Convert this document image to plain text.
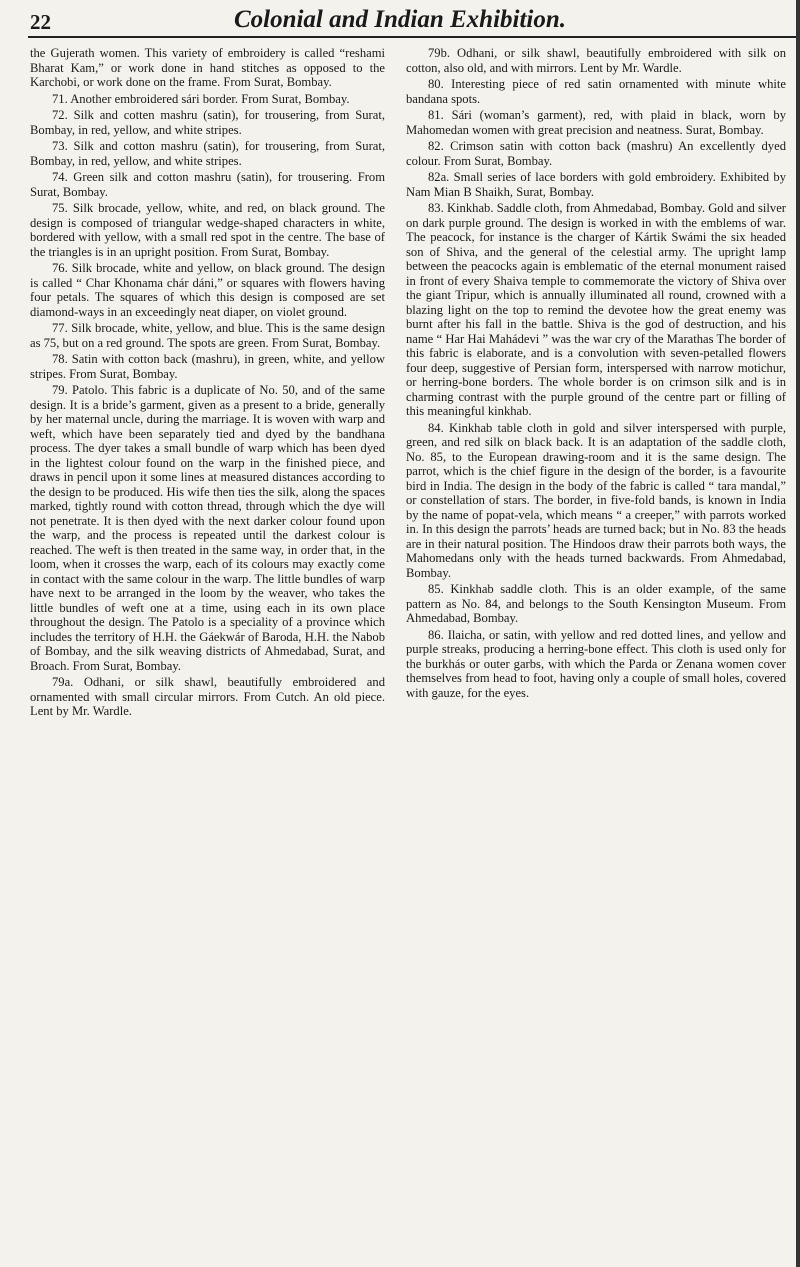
22	Colonial and Indian Exhibition.

the Gujerath women. This variety of embroidery is called “reshami Bharat Kam,” or work done in hand stitches as opposed to the Karchobi, or work done on the frame. From Surat, Bombay.

71. Another embroidered sári border. From Surat, Bombay.

72. Silk and cotten mashru (satin), for trousering, from Surat, Bombay, in red, yellow, and white stripes.

73. Silk and cotton mashru (satin), for trousering, from Surat, Bombay, in red, yellow, and white stripes.

74. Green silk and cotton mashru (satin), for trousering. From Surat, Bombay.

75. Silk brocade, yellow, white, and red, on black ground. The design is composed of triangular wedge-shaped characters in white, bordered with yellow, with a small red spot in the centre. The base of the triangles is in an upright position. From Surat, Bombay.

76. Silk brocade, white and yellow, on black ground. The design is called “ Char Khonama chár dáni,” or squares with flowers having four petals. The squares of which this design is composed are set diamond-ways in an exceedingly neat diaper, on violet ground.

77. Silk brocade, white, yellow, and blue. This is the same design as 75, but on a red ground. The spots are green. From Surat, Bombay.

78. Satin with cotton back (mashru), in green, white, and yellow stripes. From Surat, Bombay.

79. Patolo. This fabric is a duplicate of No. 50, and of the same design. It is a bride’s garment, given as a present to a bride, generally by her maternal uncle, during the marriage. It is woven with warp and weft, which have been separately tied and dyed by the bandhana process. The dyer takes a small bundle of warp which has been dyed in the lightest colour found on the warp in the finished piece, and draws in pencil upon it some lines at measured distances according to the design to be produced. His wife then ties the silk, along the spaces marked, tightly round with cotton thread, through which the dye will not penetrate. It is then dyed with the next darker colour found upon the warp, and the process is repeated until the darkest colour is reached. The weft is then treated in the same way, in order that, in the loom, when it crosses the warp, each of its colours may exactly come in contact with the same colour in the warp. The little bundles of warp have next to be arranged in the loom by the weaver, who takes the little bundles of weft one at a time, using each in its own place throughout the design. The Patolo is a speciality of a province which includes the territory of H.H. the Gáekwár of Baroda, H.H. the Nabob of Bombay, and the silk weaving districts of Ahmedabad, Surat, and Broach. From Surat, Bombay.

79a. Odhani, or silk shawl, beautifully embroidered and ornamented with small circular mirrors. From Cutch. An old piece. Lent by Mr. Wardle.

79b. Odhani, or silk shawl, beautifully embroidered with silk on cotton, also old, and with mirrors. Lent by Mr. Wardle.

80. Interesting piece of red satin ornamented with minute white bandana spots.

81. Sári (woman’s garment), red, with plaid in black, worn by Mahomedan women with great precision and neatness. Surat, Bombay.

82. Crimson satin with cotton back (mashru) An excellently dyed colour. From Surat, Bombay.

82a. Small series of lace borders with gold embroidery. Exhibited by Nam Mian B Shaikh, Surat, Bombay.

83. Kinkhab. Saddle cloth, from Ahmedabad, Bombay. Gold and silver on dark purple ground. The design is worked in with the emblems of war. The peacock, for instance is the charger of Kártik Swámi the six headed son of Shiva, and the general of the celestial army. The upright lamp between the peacocks again is emblematic of the eternal monument raised in front of every Shaiva temple to commemorate the victory of Shiva over the giant Tripur, which is annually illuminated all round, crowned with a blazing light on the top to remind the devotee how the great enemy was burnt after his fall in the battle. Shiva is the god of destruction, and his name “ Har Hai Mahádevi ” was the war cry of the Marathas The border of this fabric is elaborate, and is a convolution with seven-petalled flowers four deep, suggestive of Persian form, interspersed with narrow motichur, or herring-bone borders. The whole border is on crimson silk and is in charming contrast with the purple ground of the centre part or filling of this meaningful kinkhab.

84. Kinkhab table cloth in gold and silver interspersed with purple, green, and red silk on black back. It is an adaptation of the saddle cloth, No. 85, to the European drawing-room and it is the same design. The parrot, which is the chief figure in the design of the border, is a favourite bird in India. The design in the body of the fabric is called “ tara mandal,” or constellation of stars. The border, in five-fold bands, is known in India by the name of popat-vela, which means “ a creeper,” with parrots worked in. In this design the parrots’ heads are turned back; but in No. 83 the heads are in their natural position. The Hindoos draw their parrots both ways, the Mahomedans only with the heads turned backwards. From Ahmedabad, Bombay.

85. Kinkhab saddle cloth. This is an older example, of the same pattern as No. 84, and belongs to the South Kensington Museum. From Ahmedabad, Bombay.

86. Ilaicha, or satin, with yellow and red dotted lines, and yellow and purple streaks, producing a herring-bone effect. This cloth is used only for the burkhás or outer garbs, with which the Parda or Zenana women cover themselves from head to foot, having only a couple of small holes, covered with gauze, for the eyes.
